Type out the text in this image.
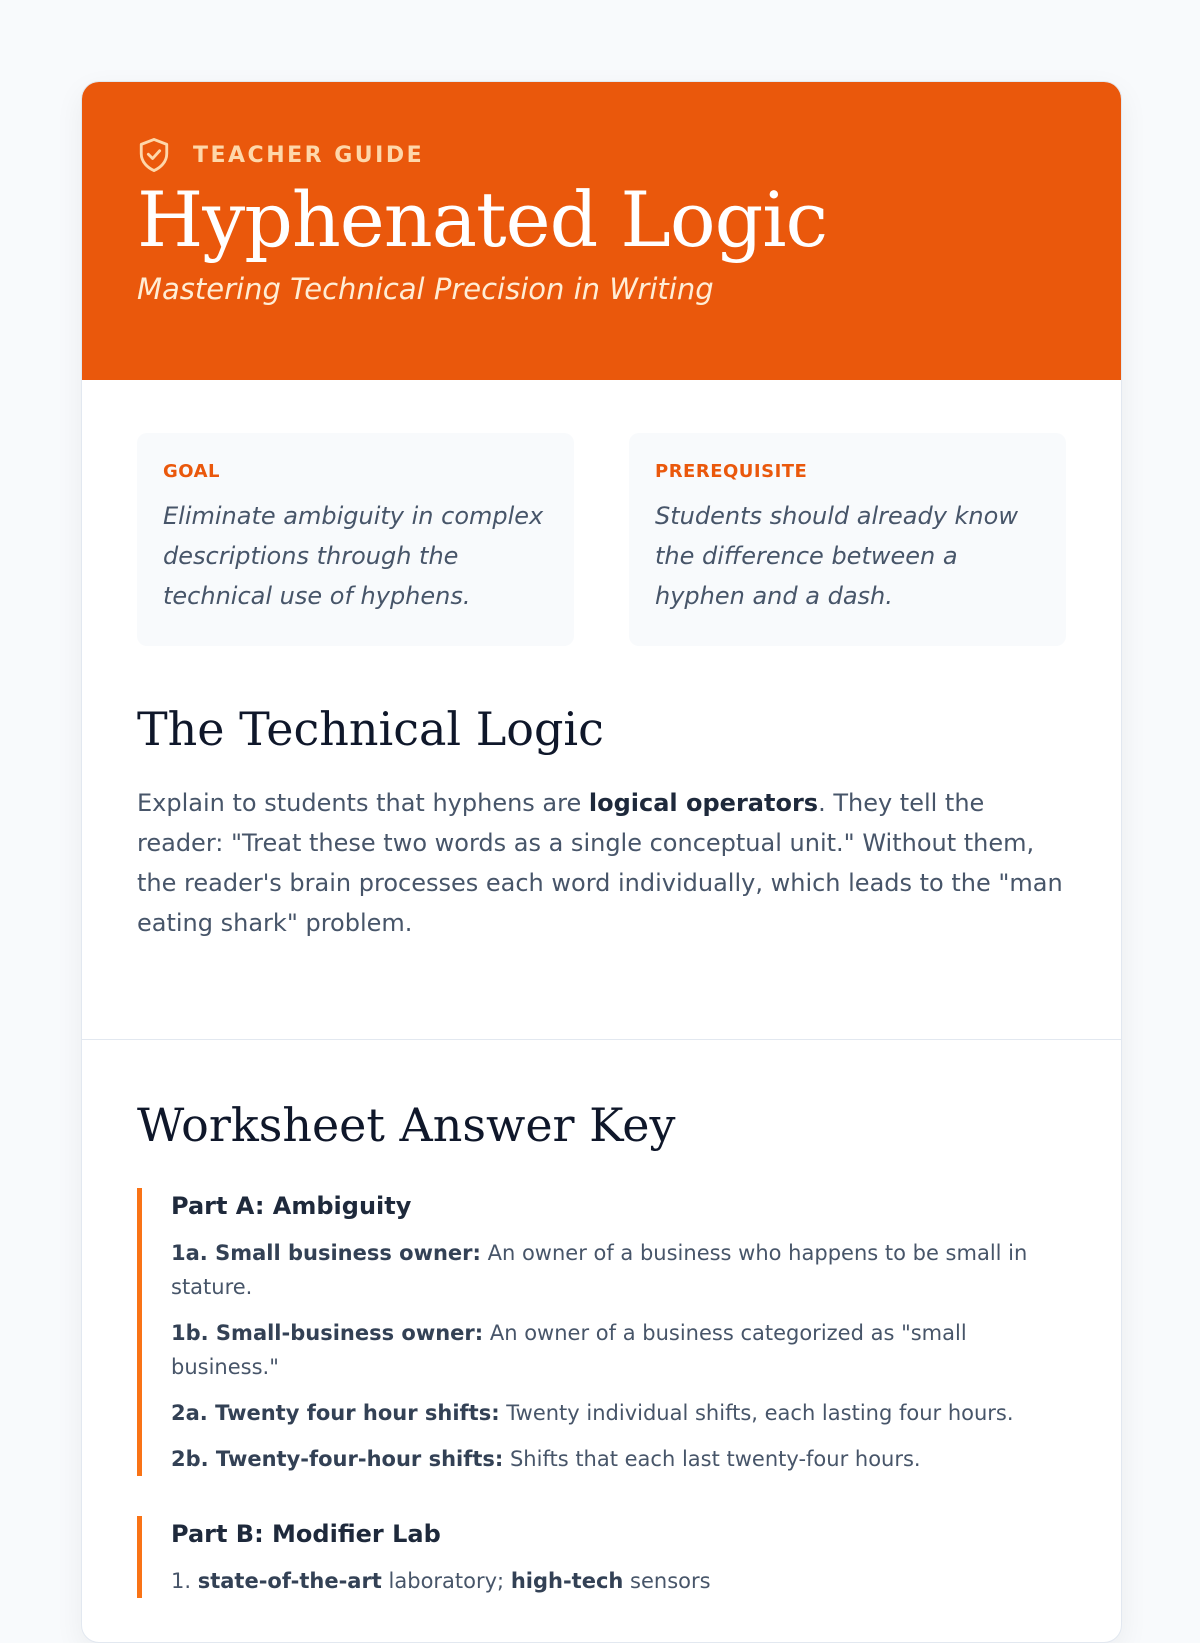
TEACHER GUIDE
Hyphenated Logic
Mastering Technical Precision in Writing
GOAL
Eliminate ambiguity in complex descriptions through the technical use of hyphens.
PREREQUISITE
Students should already know the difference between a hyphen and a dash.
The Technical Logic
Explain to students that hyphens are logical operators. They tell the reader: "Treat these two words as a single conceptual unit." Without them, the reader's brain processes each word individually, which leads to the "man eating shark" problem.
Worksheet Answer Key
Part A: Ambiguity
1a. Small business owner: An owner of a business who happens to be small in stature.
1b. Small-business owner: An owner of a business categorized as "small business."
2a. Twenty four hour shifts: Twenty individual shifts, each lasting four hours.
2b. Twenty-four-hour shifts: Shifts that each last twenty-four hours.
Part B: Modifier Lab
1. state-of-the-art laboratory; high-tech sensors
